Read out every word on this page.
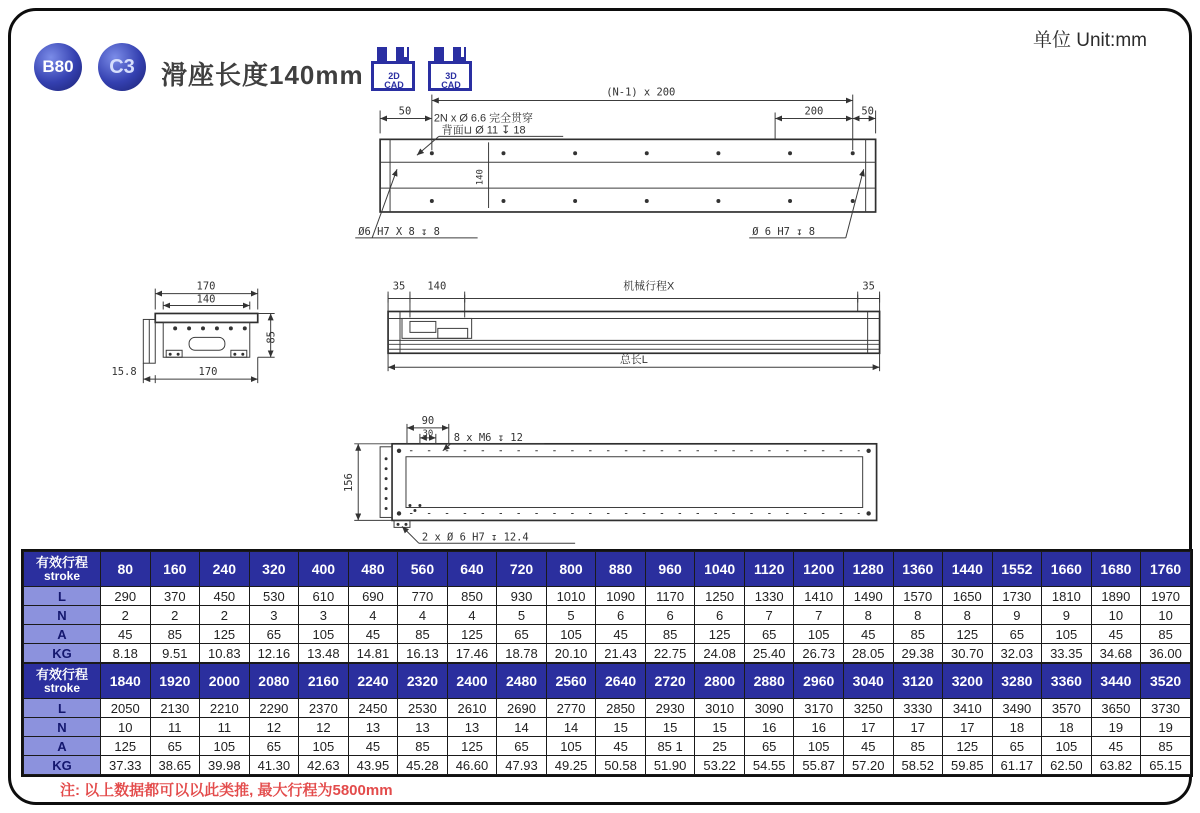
B80	C3	滑座长度140mm	2D
CAD
3D
CAD
单位 Unit:mm
(N-1) x 200
50	200	50
2N x Ø 6.6 完全贯穿
背面⊔ Ø 11 ↧ 18
140
Ø6 H7 X 8 ↧ 8	Ø 6 H7 ↧ 8
170
140
85
15.8	170
35 140	机械行程X	35
总长L
90
30 8 x M6 ↧ 12
156
2 x Ø 6 H7 ↧ 12.4
有效行程
stroke	80	160	240	320	400	480	560	640	720	800	880	960	1040	1120	1200	1280	1360	1440	1552	1660	1680	1760
L	290	370	450	530	610	690	770	850	930	1010	1090	1170	1250	1330	1410	1490	1570	1650	1730	1810	1890	1970
N	2	2	2	3	3	4	4	4	5	5	6	6	6	7	7	8	8	8	9	9	10	10
A	45	85	125	65	105	45	85	125	65	105	45	85	125	65	105	45	85	125	65	105	45	85
KG	8.18	9.51	10.83	12.16	13.48	14.81	16.13	17.46	18.78	20.10	21.43	22.75	24.08	25.40	26.73	28.05	29.38	30.70	32.03	33.35	34.68	36.00
有效行程
stroke	1840	1920	2000	2080	2160	2240	2320	2400	2480	2560	2640	2720	2800	2880	2960	3040	3120	3200	3280	3360	3440	3520
L	2050	2130	2210	2290	2370	2450	2530	2610	2690	2770	2850	2930	3010	3090	3170	3250	3330	3410	3490	3570	3650	3730
N	10	11	11	12	12	13	13	13	14	14	15	15	15	16	16	17	17	17	18	18	19	19
A	125	65	105	65	105	45	85	125	65	105	45	85 1	25	65	105	45	85	125	65	105	45	85
KG	37.33	38.65	39.98	41.30	42.63	43.95	45.28	46.60	47.93	49.25	50.58	51.90	53.22	54.55	55.87	57.20	58.52	59.85	61.17	62.50	63.82	65.15
注: 以上数据都可以以此类推, 最大行程为5800mm
